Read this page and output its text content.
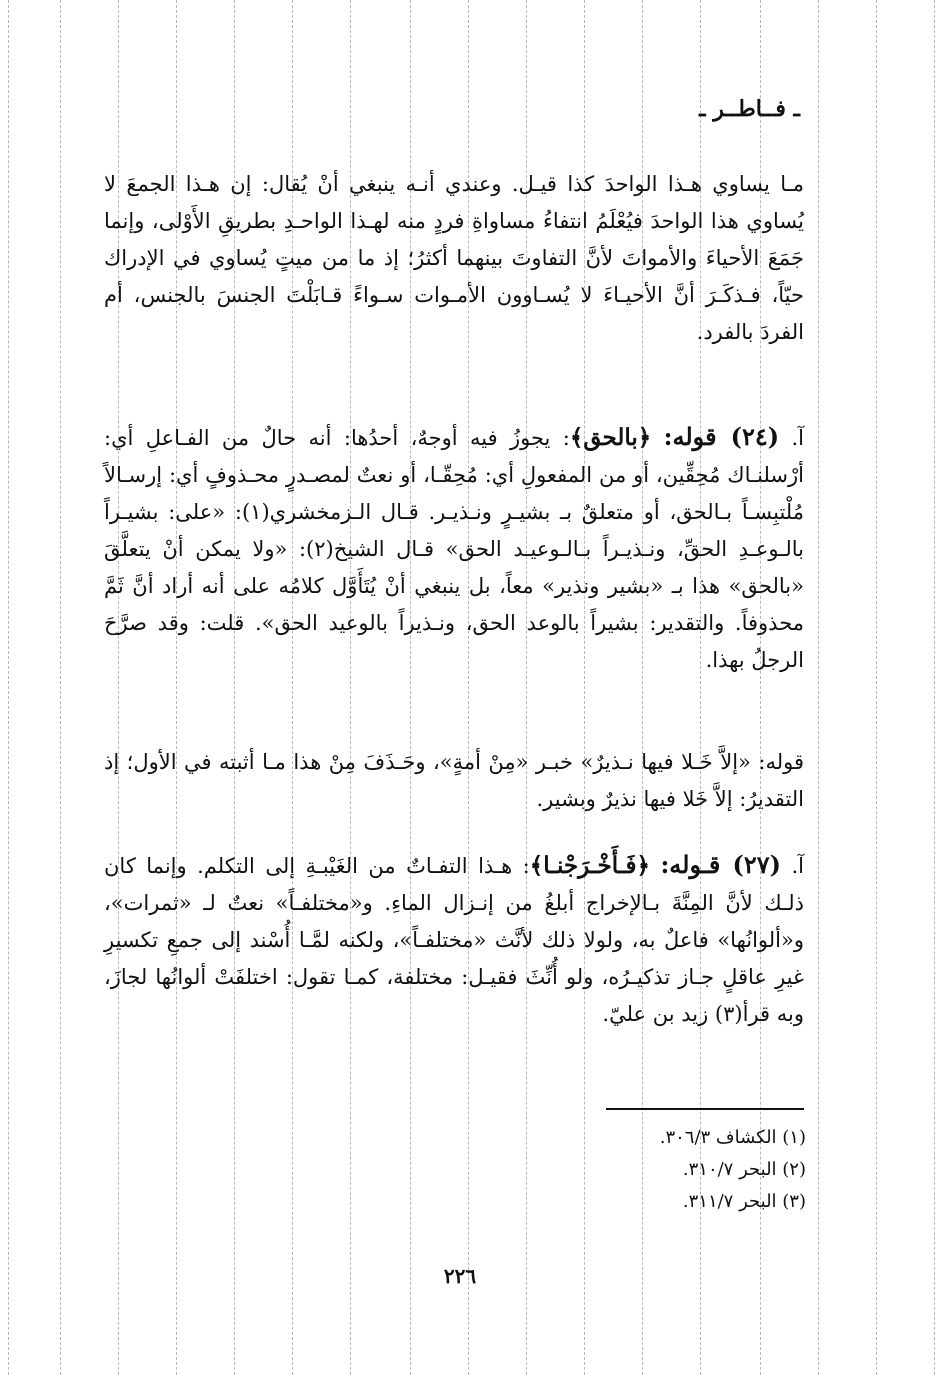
ـ فــاطــر ـ
مـا يساوي هـذا الواحدَ كذا قيـل. وعندي أنـه ينبغي أنْ يُقال: إن هـذا الجمعَ لا يُساوي هذا الواحدَ فيُعْلَمُ انتفاءُ مساواةِ فردٍ منه لهـذا الواحـدِ بطريقِ الأَوْلى، وإنما جَمَعَ الأحياءَ والأمواتَ لأنَّ التفاوتَ بينهما أكثرُ؛ إذ ما من ميتٍ يُساوي في الإدراك حيّاً، فـذكَـرَ أنَّ الأحيـاءَ لا يُسـاوون الأمـوات سـواءً قـابَلْتَ الجنسَ بالجنس، أم الفردَ بالفرد.
آ. (٢٤) قوله: ﴿بالحق﴾: يجوزُ فيه أوجهٌ، أحدُها: أنه حالٌ من الفـاعلِ أي: أرْسلنـاك مُحِقِّين، أو من المفعولِ أي: مُحِقّـا، أو نعتٌ لمصـدرٍ محـذوفٍ أي: إرسـالاً مُلْتبِسـاً بـالحق، أو متعلقٌ بـ بشيـرٍ ونـذيـر. قـال الـزمخشري(١): «على: بشيـراً بالـوعـدِ الحقِّ، ونـذيـراً بـالـوعيـد الحق» قـال الشيخ(٢): «ولا يمكن أنْ يتعلَّقَ «بالحق» هذا بـ «بشير ونذير» معاً، بل ينبغي أنْ يُتَأَوَّل كلامُه على أنه أراد أنَّ ثَمَّ محذوفاً. والتقدير: بشيراً بالوعد الحق، ونـذيراً بالوعيد الحق». قلت: وقد صرَّحَ الرجلُ بهذا.
قوله: «إلاَّ خَـلا فيها نـذيرٌ» خبـر «مِنْ أمةٍ»، وحَـذَفَ مِنْ هذا مـا أثبته في الأول؛ إذ التقديرُ: إلاَّ خَلا فيها نذيرٌ وبشير.
آ. (٢٧) قـوله: ﴿فَـأَخْـرَجْنـا﴾: هـذا التفـاتٌ من الغَيْبـةِ إلى التكلم. وإنما كان ذلـك لأنَّ المِنَّةَ بـالإخراج أبلغُ من إنـزال الماءِ. و«مختلفـاً» نعتٌ لـ «ثمرات»، و«ألوانُها» فاعلٌ به، ولولا ذلك لأنَّث «مختلفـاً»، ولكنه لمَّـا أُسْند إلى جمعِ تكسيرِ غيرِ عاقلٍ جـاز تذكيـرُه، ولو أُنِّثَ فقيـل: مختلفة، كمـا تقول: اختلفَتْ ألوانُها لجازَ، وبه قرأ(٣) زيد بن عليّ.
(١) الكشاف ٣٠٦/٣.
(٢) البحر ٣١٠/٧.
(٣) البحر ٣١١/٧.
٢٢٦
